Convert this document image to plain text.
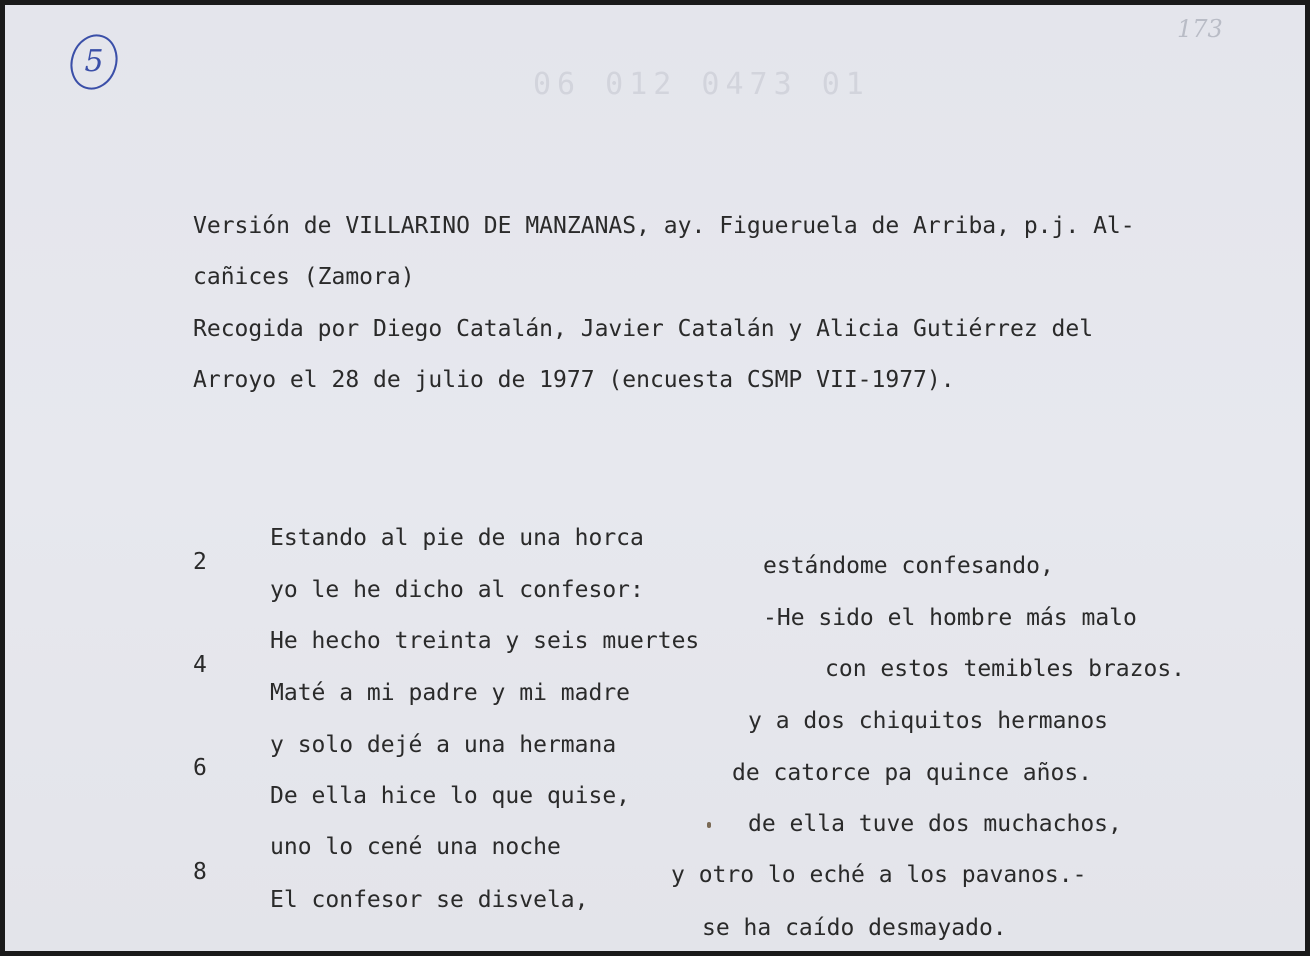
06 012 0473 01
5
173
Versión de VILLARINO DE MANZANAS, ay. Figueruela de Arriba, p.j. Al-
cañices (Zamora)
Recogida por Diego Catalán, Javier Catalán y Alicia Gutiérrez del
Arroyo el 28 de julio de 1977 (encuesta CSMP VII-1977).

Estando al pie de una horca

estándome confesando,

2

yo le he dicho al confesor:

-He sido el hombre más malo

He hecho treinta y seis muertes

con estos temibles brazos.

4

Maté a mi padre y mi madre

y a dos chiquitos hermanos

y solo dejé a una hermana

de catorce pa quince años.

6

De ella hice lo que quise,

de ella tuve dos muchachos,

uno lo cené una noche

y otro lo eché a los pavanos.-

8

El confesor se disvela,

se ha caído desmayado.
